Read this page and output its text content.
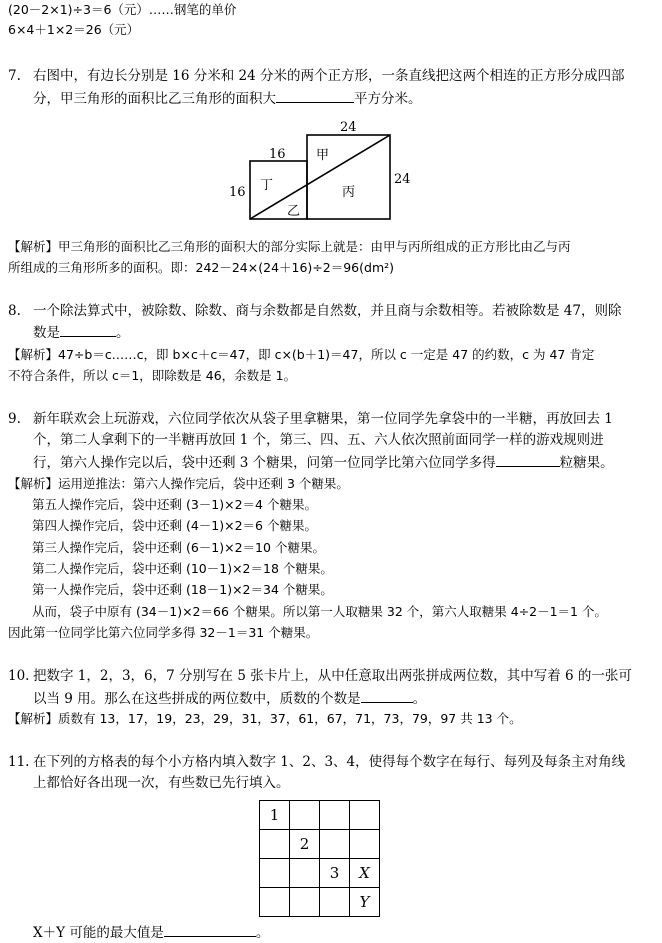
(20－2×1)÷3＝6（元）……钢笔的单价
6×4＋1×2＝26（元）
7. 右图中，有边长分别是 16 分米和 24 分米的两个正方形，一条直线把这两个相连的正方形分成四部
分，甲三角形的面积比乙三角形的面积大	平方分米。
24
24
16
16
甲
丁
乙
丙
【解析】甲三角形的面积比乙三角形的面积大的部分实际上就是：由甲与丙所组成的正方形比由乙与丙
所组成的三角形所多的面积。即：242－24×(24＋16)÷2＝96(dm²)
8. 一个除法算式中，被除数、除数、商与余数都是自然数，并且商与余数相等。若被除数是 47，则除
数是	。
【解析】47÷b＝c……c，即 b×c＋c＝47，即 c×(b＋1)＝47，所以 c 一定是 47 的约数，c 为 47 肯定
不符合条件，所以 c＝1，即除数是 46，余数是 1。
9. 新年联欢会上玩游戏，六位同学依次从袋子里拿糖果，第一位同学先拿袋中的一半糖，再放回去 1
个，第二人拿剩下的一半糖再放回 1 个，第三、四、五、六人依次照前面同学一样的游戏规则进
行，第六人操作完以后，袋中还剩 3 个糖果，问第一位同学比第六位同学多得	粒糖果。
【解析】运用逆推法：第六人操作完后，袋中还剩 3 个糖果。
第五人操作完后，袋中还剩 (3－1)×2＝4 个糖果。
第四人操作完后，袋中还剩 (4－1)×2＝6 个糖果。
第三人操作完后，袋中还剩 (6－1)×2＝10 个糖果。
第二人操作完后，袋中还剩 (10－1)×2＝18 个糖果。
第一人操作完后，袋中还剩 (18－1)×2＝34 个糖果。
从而，袋子中原有 (34－1)×2＝66 个糖果。所以第一人取糖果 32 个，第六人取糖果 4÷2－1＝1 个。
因此第一位同学比第六位同学多得 32－1＝31 个糖果。
10. 把数字 1，2，3，6，7 分别写在 5 张卡片上，从中任意取出两张拼成两位数，其中写着 6 的一张可
以当 9 用。那么在这些拼成的两位数中，质数的个数是	。
【解析】质数有 13，17，19，23，29，31，37，61，67，71，73，79，97 共 13 个。
11. 在下列的方格表的每个小方格内填入数字 1、2、3、4，使得每个数字在每行、每列及每条主对角线
上都恰好各出现一次，有些数已先行填入。
1			
	2		
		3	X
			Y
X＋Y 可能的最大值是	。
